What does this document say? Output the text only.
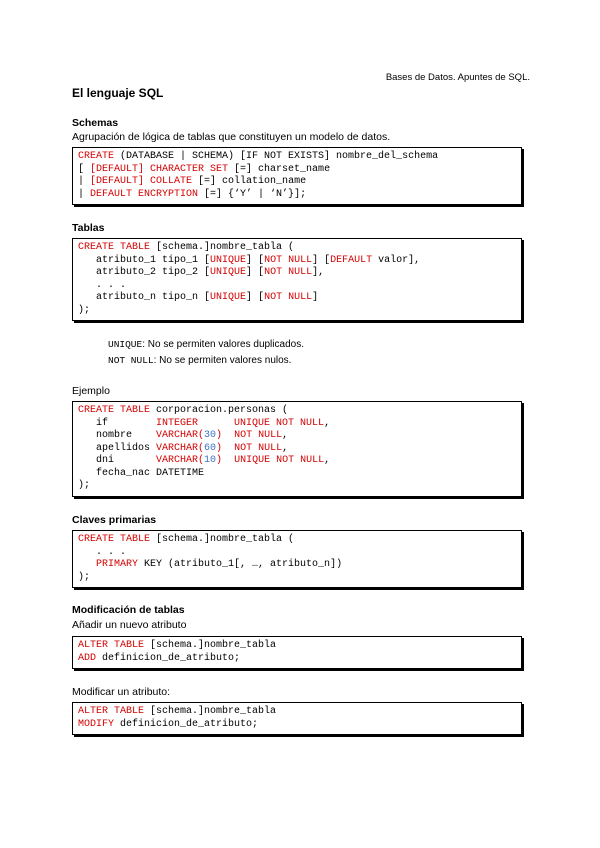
Bases de Datos. Apuntes de SQL.
El lenguaje SQL
Schemas
Agrupación de lógica de tablas que constituyen un modelo de datos.
CREATE (DATABASE | SCHEMA) [IF NOT EXISTS] nombre_del_schema
[ [DEFAULT] CHARACTER SET [=] charset_name
| [DEFAULT] COLLATE [=] collation_name
| DEFAULT ENCRYPTION [=] {‘Y’ | ‘N’}];
Tablas
CREATE TABLE [schema.]nombre_tabla (
atributo_1 tipo_1 [UNIQUE] [NOT NULL] [DEFAULT valor],
atributo_2 tipo_2 [UNIQUE] [NOT NULL],
. . .
atributo_n tipo_n [UNIQUE] [NOT NULL]
);
UNIQUE: No se permiten valores duplicados.
NOT NULL: No se permiten valores nulos.
Ejemplo
CREATE TABLE corporacion.personas (
if        INTEGER	UNIQUE NOT NULL,
nombre    VARCHAR(30) NOT NULL,
apellidos VARCHAR(60) NOT NULL,
dni       VARCHAR(10) UNIQUE NOT NULL,
fecha_nac DATETIME
);
Claves primarias
CREATE TABLE [schema.]nombre_tabla (
. . .
PRIMARY KEY (atributo_1[, …, atributo_n])
);
Modificación de tablas
Añadir un nuevo atributo
ALTER TABLE [schema.]nombre_tabla
ADD definicion_de_atributo;
Modificar un atributo:
ALTER TABLE [schema.]nombre_tabla
MODIFY definicion_de_atributo;
